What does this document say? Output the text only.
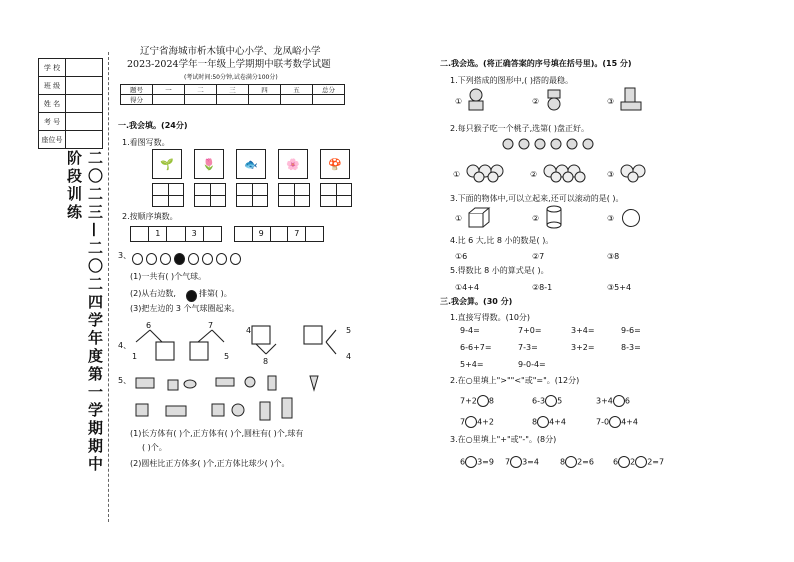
学 校	
班 级	
姓 名	
考 号	
座位号	
二〇二三—二〇二四学年度第一学期期中阶段训练
辽宁省海城市析木镇中心小学、龙凤峪小学
2023-2024学年一年级上学期期中联考数学试题
(考试时间:50分钟,试卷满分100分)
题号	一	二	三	四	五	总分
得分						
一.我会填。(24分)
1.看图写数。
🌱	🌷	🐟	🌸	🍄
2.按顺序填数。
1	3	9	7
3、
(1)一共有( )个气球。
(2)从右边数,	排第( )。
(3)把左边的 3 个气球圈起来。
4、
6
1
7
5
4
8
5
4
5、
(1)长方体有( )个,正方体有( )个,圆柱有( )个,球有
( )个。
(2)圆柱比正方体多( )个,正方体比球少( )个。
二.我会选。(将正确答案的序号填在括号里)。(15 分)
1.下列搭成的图形中,( )搭的最稳。
①	②	③
2.每只猴子吃一个桃子,选第( )盘正好。
①	②	③
3.下面的物体中,可以立起来,还可以滚动的是( )。
①	②	③
4.比 6 大,比 8 小的数是( )。
①6	②7	③8
5.得数比 8 小的算式是( )。
①4+4	②8-1	③5+4
三.我会算。(30 分)
1.直接写得数。(10分)
9-4=	7+0=	3+4=	9-6=
6-6+7=	7-3=	3+2=	8-3=
5+4=	9-0-4=
2.在○里填上">""<"或"="。(12分)
7+2 8	6-3 5	3+4 6
7 4+2	8 4+4	7-0 4+4
3.在○里填上"+"或"-"。(8分)
6 3=9 7 3=4	8 2=6 6 2 2=7
